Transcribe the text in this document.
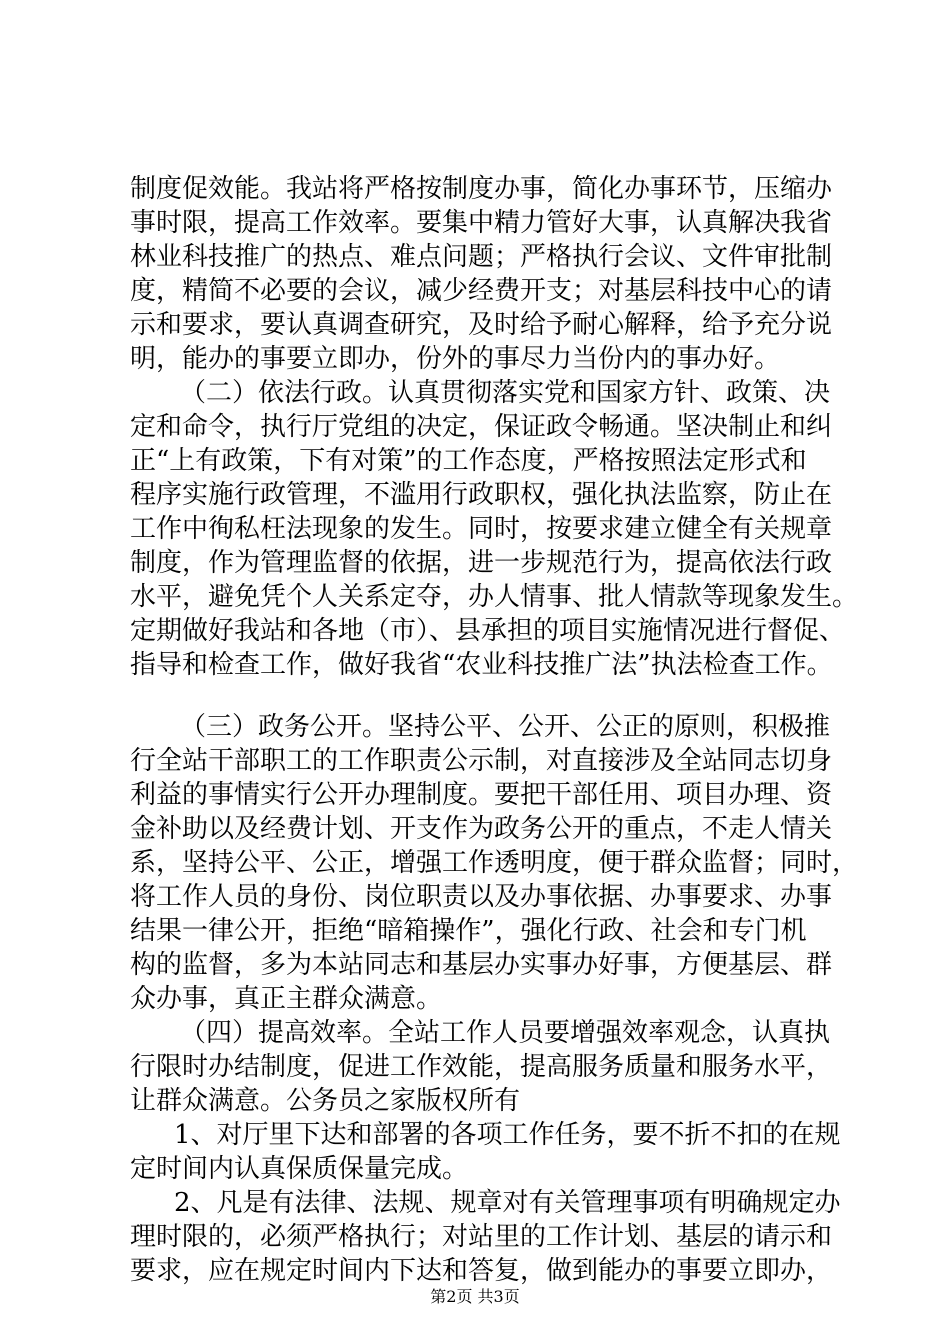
制度促效能。我站将严格按制度办事，简化办事环节，压缩办
事时限，提高工作效率。要集中精力管好大事，认真解决我省
林业科技推广的热点、难点问题；严格执行会议、文件审批制
度，精简不必要的会议，减少经费开支；对基层科技中心的请
示和要求，要认真调查研究，及时给予耐心解释，给予充分说
明，能办的事要立即办，份外的事尽力当份内的事办好。
（二）依法行政。认真贯彻落实党和国家方针、政策、决
定和命令，执行厅党组的决定，保证政令畅通。坚决制止和纠
正“上有政策，下有对策”的工作态度，严格按照法定形式和
程序实施行政管理，不滥用行政职权，强化执法监察，防止在
工作中徇私枉法现象的发生。同时，按要求建立健全有关规章
制度，作为管理监督的依据，进一步规范行为，提高依法行政
水平，避免凭个人关系定夺，办人情事、批人情款等现象发生。
定期做好我站和各地（市）、县承担的项目实施情况进行督促、
指导和检查工作，做好我省“农业科技推广法”执法检查工作。
（三）政务公开。坚持公平、公开、公正的原则，积极推
行全站干部职工的工作职责公示制，对直接涉及全站同志切身
利益的事情实行公开办理制度。要把干部任用、项目办理、资
金补助以及经费计划、开支作为政务公开的重点，不走人情关
系，坚持公平、公正，增强工作透明度，便于群众监督；同时，
将工作人员的身份、岗位职责以及办事依据、办事要求、办事
结果一律公开，拒绝“暗箱操作”，强化行政、社会和专门机
构的监督，多为本站同志和基层办实事办好事，方便基层、群
众办事，真正主群众满意。
（四）提高效率。全站工作人员要增强效率观念，认真执
行限时办结制度，促进工作效能，提高服务质量和服务水平，
让群众满意。公务员之家版权所有
1、对厅里下达和部署的各项工作任务，要不折不扣的在规
定时间内认真保质保量完成。
2、凡是有法律、法规、规章对有关管理事项有明确规定办
理时限的，必须严格执行；对站里的工作计划、基层的请示和
要求，应在规定时间内下达和答复，做到能办的事要立即办，
第2页 共3页
